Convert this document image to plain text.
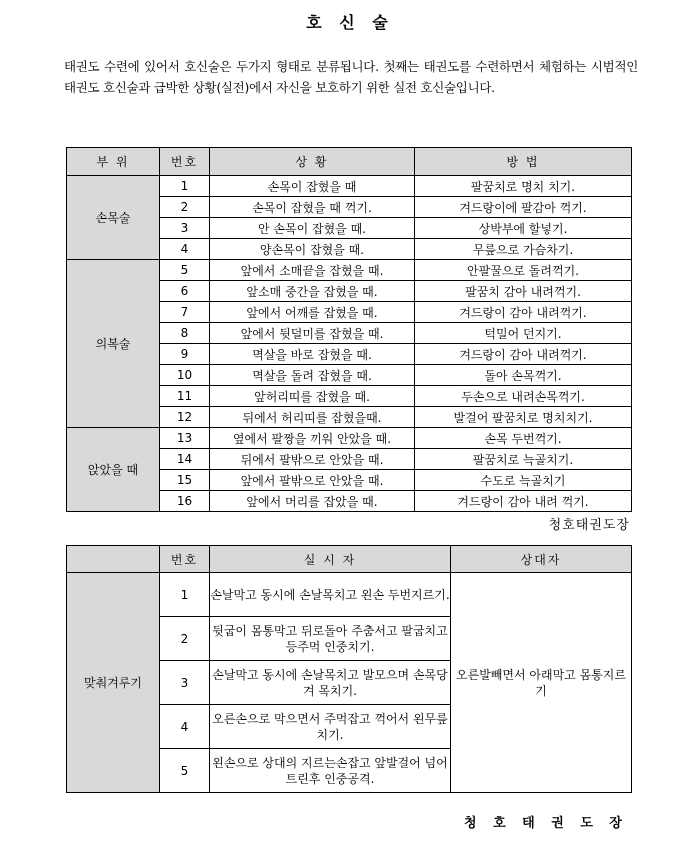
호 신 술
태권도 수련에 있어서 호신술은 두가지 형태로 분류됩니다. 첫째는 태권도를 수련하면서 체험하는 시범적인 태권도 호신술과 급박한 상황(실전)에서 자신을 보호하기 위한 실전 호신술입니다.
부 위	번호	상 황	방 법
손목술	1	손목이 잡혔을 때	팔꿈치로 명치 치기.
	2	손목이 잡혔을 때 꺽기.	겨드랑이에 팔감아 꺽기.
	3	안 손목이 잡혔을 때.	상박부에 할넣기.
	4	양손목이 잡혔을 때.	무릎으로 가슴차기.
의복술	5	앞에서 소매끝을 잡혔을 때.	안팔꿀으로 돌려꺽기.
	6	앞소매 중간을 잡혔을 때.	팔꿈치 감아 내려꺽기.
	7	앞에서 어깨를 잡혔을 때.	겨드랑이 감아 내려꺽기.
	8	앞에서 뒷덜미를 잡혔을 때.	턱밀어 던지기.
	9	멱살을 바로 잡혔을 때.	겨드랑이 감아 내려꺽기.
	10	멱살을 돌려 잡혔을 때.	돌아 손목꺽기.
	11	앞허리띠를 잡혔을 때.	두손으로 내려손목꺽기.
	12	뒤에서 허리띠를 잡혔을때.	발걸어 팔꿈치로 명치치기.
앉았을 때	13	옆에서 팔짱을 끼워 안았을 때.	손목 두번꺽기.
	14	뒤에서 팔밖으로 안았을 때.	팔꿈치로 늑골치기.
	15	앞에서 팔밖으로 안았을 때.	수도로 늑골치기
	16	앞에서 머리를 잡았을 때.	겨드랑이 감아 내려 꺽기.
청호태권도장
	번호	실 시 자	상대자
맞춰겨루기	1	손날막고 동시에 손날목치고 왼손 두번지르기.	오른발빼면서 아래막고 몸통지르기
	2	뒷굽이 몸통막고 뒤로돌아 주춤서고 팔굽치고 등주먹 인중치기.	
	3	손날막고 동시에 손날목치고 발모으며 손목당겨 목치기.	
	4	오른손으로 막으면서 주먹잡고 꺽어서 왼무릎치기.	
	5	왼손으로 상대의 지르는손잡고 앞발걸어 넘어트린후 인중공격.	
청 호 태 권 도 장
